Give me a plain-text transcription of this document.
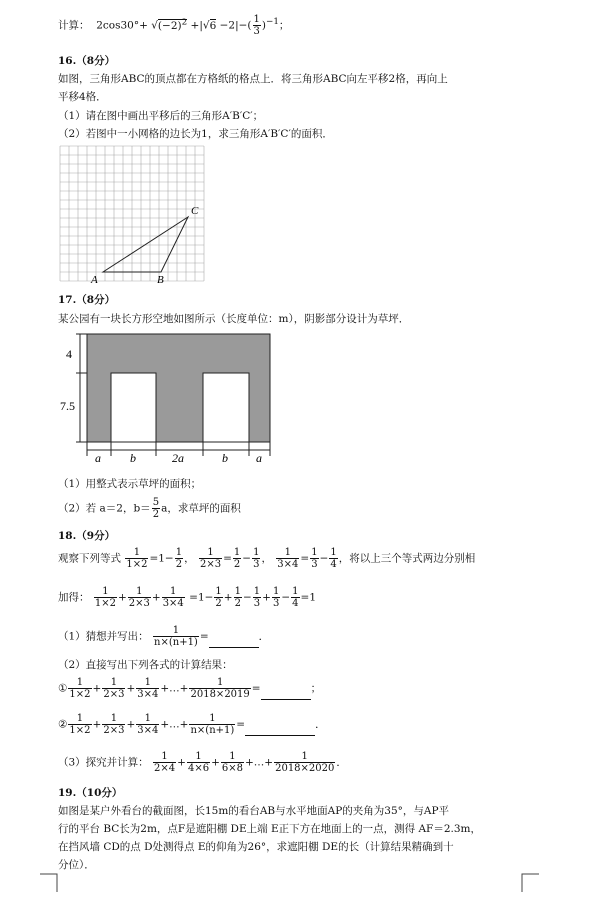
计算： $2\cos 30^\circ+ √(-2)^2 +|√6 -2|-( \frac{1}{3} )^{-1}$；
16.（8分）
如图，三角形ABC的顶点都在方格纸的格点上．将三角形ABC向左平移2格，再向上
平移4格．
（1）请在图中画出平移后的三角形A′B′C′；
（2）若图中一小网格的边长为1，求三角形A′B′C′的面积．
A	B
C
17.（8分）
某公园有一块长方形空地如图所示（长度单位：m），阴影部分设计为草坪．
4
7.5
a b	2a	b a
（1）用整式表示草坪的面积；
（2）若 a＝2，$b= \frac{5}{2}$ a，求草坪的面积
18.（9分）
观察下列等式 $\frac{1}{1\times 2} =1- \frac{1}{2}$ ， $\frac{1}{2\times 3} = \frac{1}{2} - \frac{1}{3}$ ， $\frac{1}{3\times 4} = \frac{1}{3} - \frac{1}{4}$ ，将以上三个等式两边分别相
加得： $\frac{1}{1\times 2} + \frac{1}{2\times 3} + \frac{1}{3\times 4} =1- \frac{1}{2} + \frac{1}{2} - \frac{1}{3} + \frac{1}{3} - \frac{1}{4} =1$
（1）猜想并写出： $\frac{1}{n\times(n+1)}$ =	．
（2）直接写出下列各式的计算结果：
① $\frac{1}{1\times 2} + \frac{1}{2\times 3} + \frac{1}{3\times 4}$ +…+ $\frac{1}{2018\times 2019}$ =	；
② $\frac{1}{1\times 2} + \frac{1}{2\times 3} + \frac{1}{3\times 4}$ +…+ $\frac{1}{n\times(n+1)}$ =	．
（3）探究并计算： $\frac{1}{2\times 4} + \frac{1}{4\times 6} + \frac{1}{6\times 8}$ +…+ $\frac{1}{2018\times 2020}$ ．
19.（10分）
如图是某户外看台的截面图，长15m的看台AB与水平地面AP的夹角为35°，与AP平
行的平台 BC长为2m，点F是遮阳棚 DE上端 E正下方在地面上的一点，测得 AF＝2.3m，
在挡风墙 CD的点 D处测得点 E的仰角为26°，求遮阳棚 DE的长（计算结果精确到十
分位）．
